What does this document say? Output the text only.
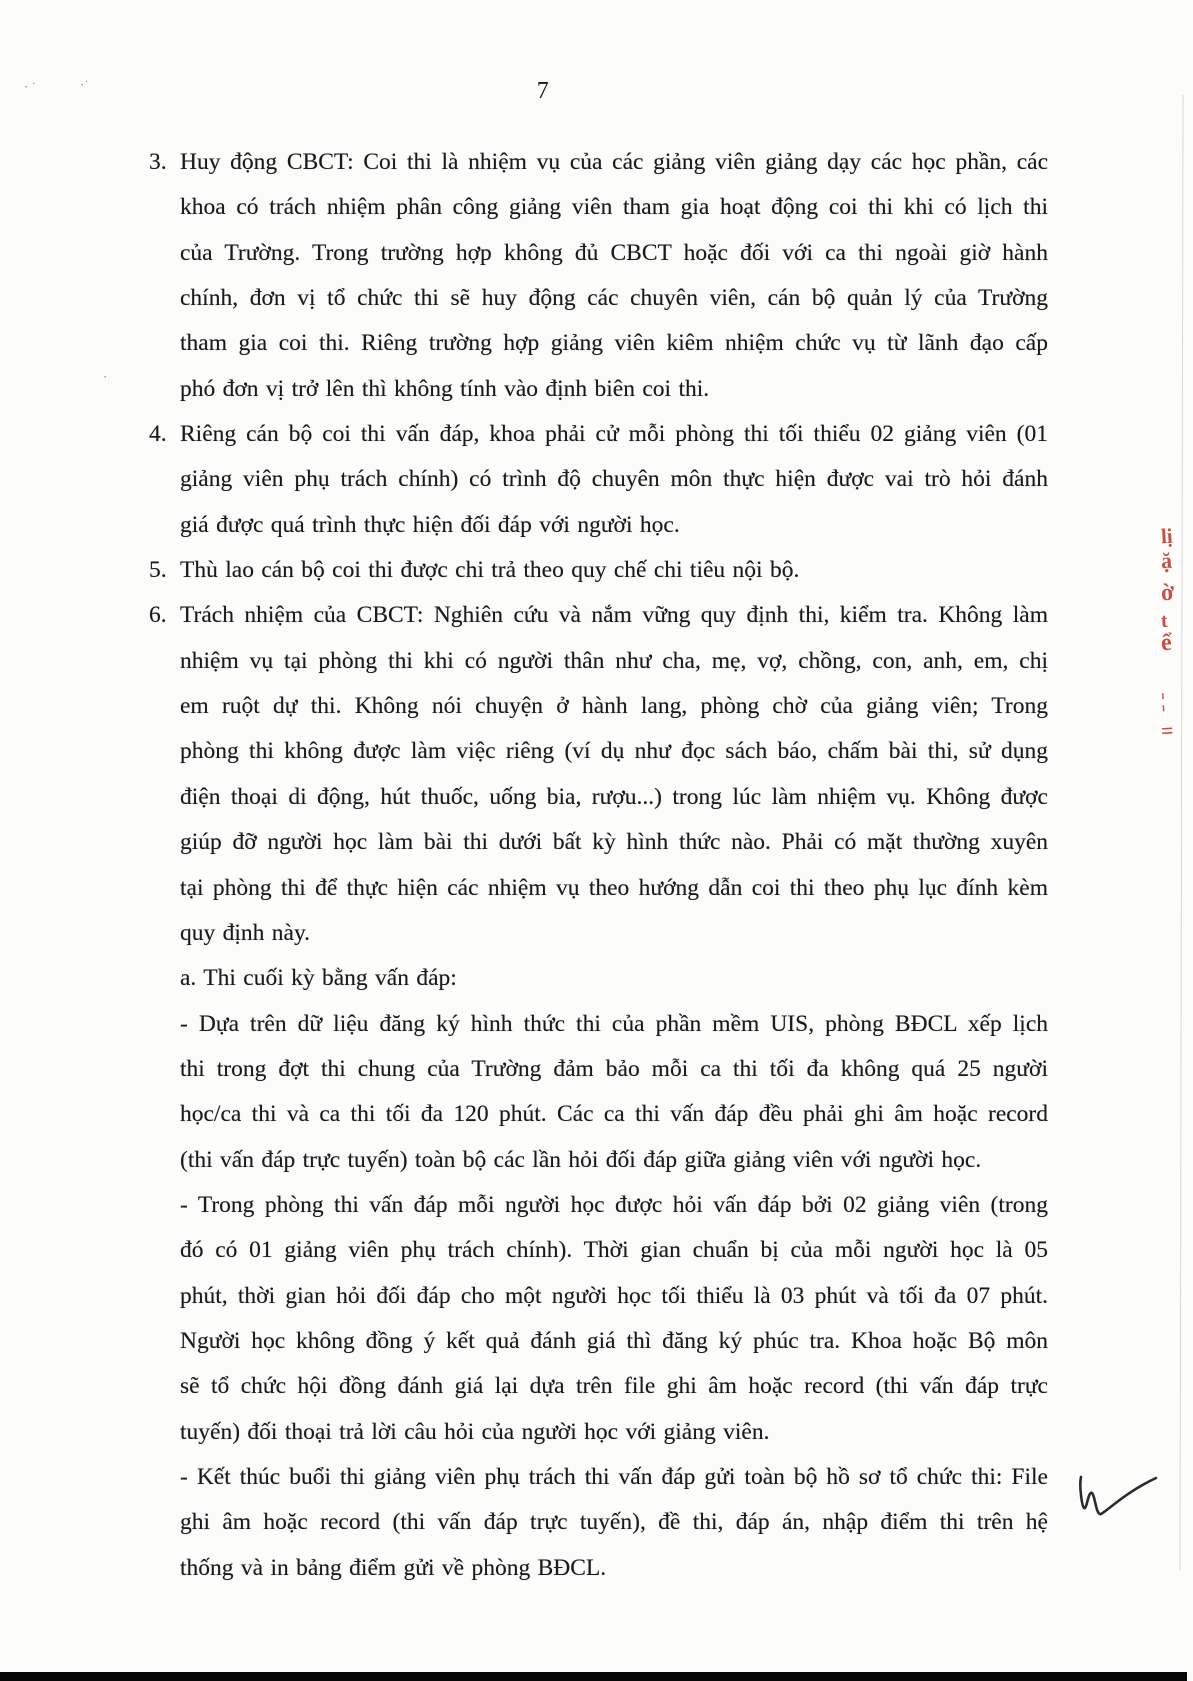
7
3. Huy động CBCT: Coi thi là nhiệm vụ của các giảng viên giảng dạy các học phần, các
khoa có trách nhiệm phân công giảng viên tham gia hoạt động coi thi khi có lịch thi
của Trường. Trong trường hợp không đủ CBCT hoặc đối với ca thi ngoài giờ hành
chính, đơn vị tổ chức thi sẽ huy động các chuyên viên, cán bộ quản lý của Trường
tham gia coi thi. Riêng trường hợp giảng viên kiêm nhiệm chức vụ từ lãnh đạo cấp
phó đơn vị trở lên thì không tính vào định biên coi thi.
4. Riêng cán bộ coi thi vấn đáp, khoa phải cử mỗi phòng thi tối thiểu 02 giảng viên (01
giảng viên phụ trách chính) có trình độ chuyên môn thực hiện được vai trò hỏi đánh
giá được quá trình thực hiện đối đáp với người học.
5. Thù lao cán bộ coi thi được chi trả theo quy chế chi tiêu nội bộ.
6. Trách nhiệm của CBCT: Nghiên cứu và nắm vững quy định thi, kiểm tra. Không làm
nhiệm vụ tại phòng thi khi có người thân như cha, mẹ, vợ, chồng, con, anh, em, chị
em ruột dự thi. Không nói chuyện ở hành lang, phòng chờ của giảng viên; Trong
phòng thi không được làm việc riêng (ví dụ như đọc sách báo, chấm bài thi, sử dụng
điện thoại di động, hút thuốc, uống bia, rượu...) trong lúc làm nhiệm vụ. Không được
giúp đỡ người học làm bài thi dưới bất kỳ hình thức nào. Phải có mặt thường xuyên
tại phòng thi để thực hiện các nhiệm vụ theo hướng dẫn coi thi theo phụ lục đính kèm
quy định này.
a. Thi cuối kỳ bằng vấn đáp:
- Dựa trên dữ liệu đăng ký hình thức thi của phần mềm UIS, phòng BĐCL xếp lịch
thi trong đợt thi chung của Trường đảm bảo mỗi ca thi tối đa không quá 25 người
học/ca thi và ca thi tối đa 120 phút. Các ca thi vấn đáp đều phải ghi âm hoặc record
(thi vấn đáp trực tuyến) toàn bộ các lần hỏi đối đáp giữa giảng viên với người học.
- Trong phòng thi vấn đáp mỗi người học được hỏi vấn đáp bởi 02 giảng viên (trong
đó có 01 giảng viên phụ trách chính). Thời gian chuẩn bị của mỗi người học là 05
phút, thời gian hỏi đối đáp cho một người học tối thiểu là 03 phút và tối đa 07 phút.
Người học không đồng ý kết quả đánh giá thì đăng ký phúc tra. Khoa hoặc Bộ môn
sẽ tổ chức hội đồng đánh giá lại dựa trên file ghi âm hoặc record (thi vấn đáp trực
tuyến) đối thoại trả lời câu hỏi của người học với giảng viên.
- Kết thúc buổi thi giảng viên phụ trách thi vấn đáp gửi toàn bộ hồ sơ tổ chức thi: File
ghi âm hoặc record (thi vấn đáp trực tuyến), đề thi, đáp án, nhập điểm thi trên hệ
thống và in bảng điểm gửi về phòng BĐCL.
lị
ặ
ờ
t
ể
¦
=
· ˙	·˙
·
